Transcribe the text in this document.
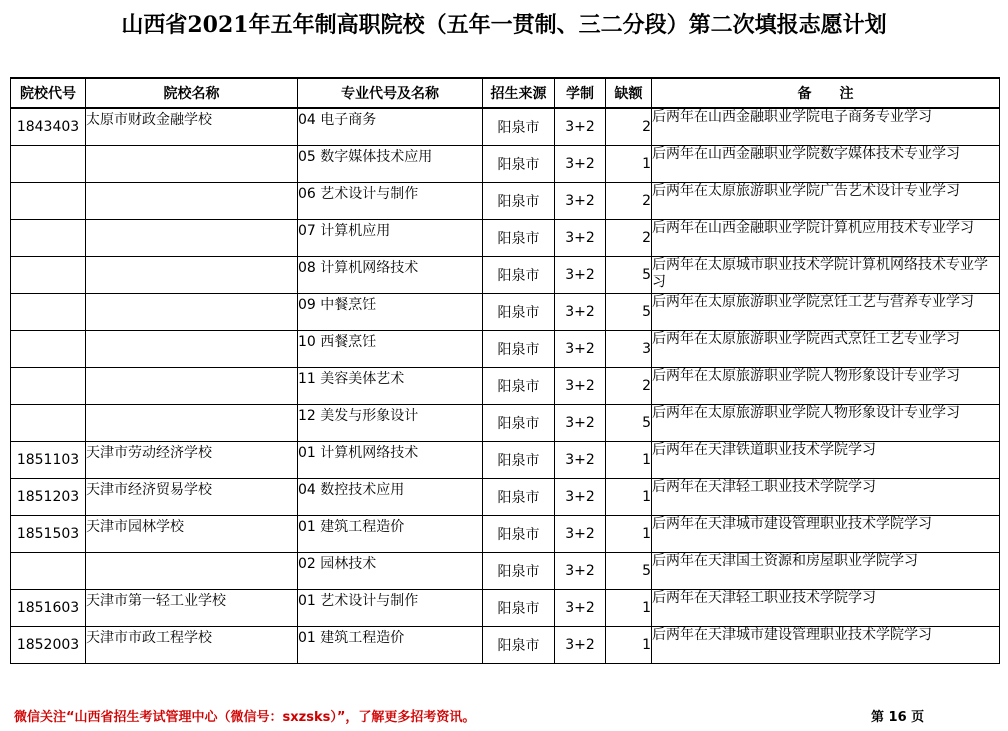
山西省2021年五年制高职院校（五年一贯制、三二分段）第二次填报志愿计划
院校代号	院校名称	专业代号及名称	招生来源	学制	缺额	备　　注
1843403	太原市财政金融学校	04 电子商务	阳泉市	3+2	2	后两年在山西金融职业学院电子商务专业学习
		05 数字媒体技术应用	阳泉市	3+2	1	后两年在山西金融职业学院数字媒体技术专业学习
		06 艺术设计与制作	阳泉市	3+2	2	后两年在太原旅游职业学院广告艺术设计专业学习
		07 计算机应用	阳泉市	3+2	2	后两年在山西金融职业学院计算机应用技术专业学习
		08 计算机网络技术	阳泉市	3+2	5	后两年在太原城市职业技术学院计算机网络技术专业学习
		09 中餐烹饪	阳泉市	3+2	5	后两年在太原旅游职业学院烹饪工艺与营养专业学习
		10 西餐烹饪	阳泉市	3+2	3	后两年在太原旅游职业学院西式烹饪工艺专业学习
		11 美容美体艺术	阳泉市	3+2	2	后两年在太原旅游职业学院人物形象设计专业学习
		12 美发与形象设计	阳泉市	3+2	5	后两年在太原旅游职业学院人物形象设计专业学习
1851103	天津市劳动经济学校	01 计算机网络技术	阳泉市	3+2	1	后两年在天津铁道职业技术学院学习
1851203	天津市经济贸易学校	04 数控技术应用	阳泉市	3+2	1	后两年在天津轻工职业技术学院学习
1851503	天津市园林学校	01 建筑工程造价	阳泉市	3+2	1	后两年在天津城市建设管理职业技术学院学习
		02 园林技术	阳泉市	3+2	5	后两年在天津国土资源和房屋职业学院学习
1851603	天津市第一轻工业学校	01 艺术设计与制作	阳泉市	3+2	1	后两年在天津轻工职业技术学院学习
1852003	天津市市政工程学校	01 建筑工程造价	阳泉市	3+2	1	后两年在天津城市建设管理职业技术学院学习
微信关注“山西省招生考试管理中心（微信号：sxzsks）”，了解更多招考资讯。	第 16 页
